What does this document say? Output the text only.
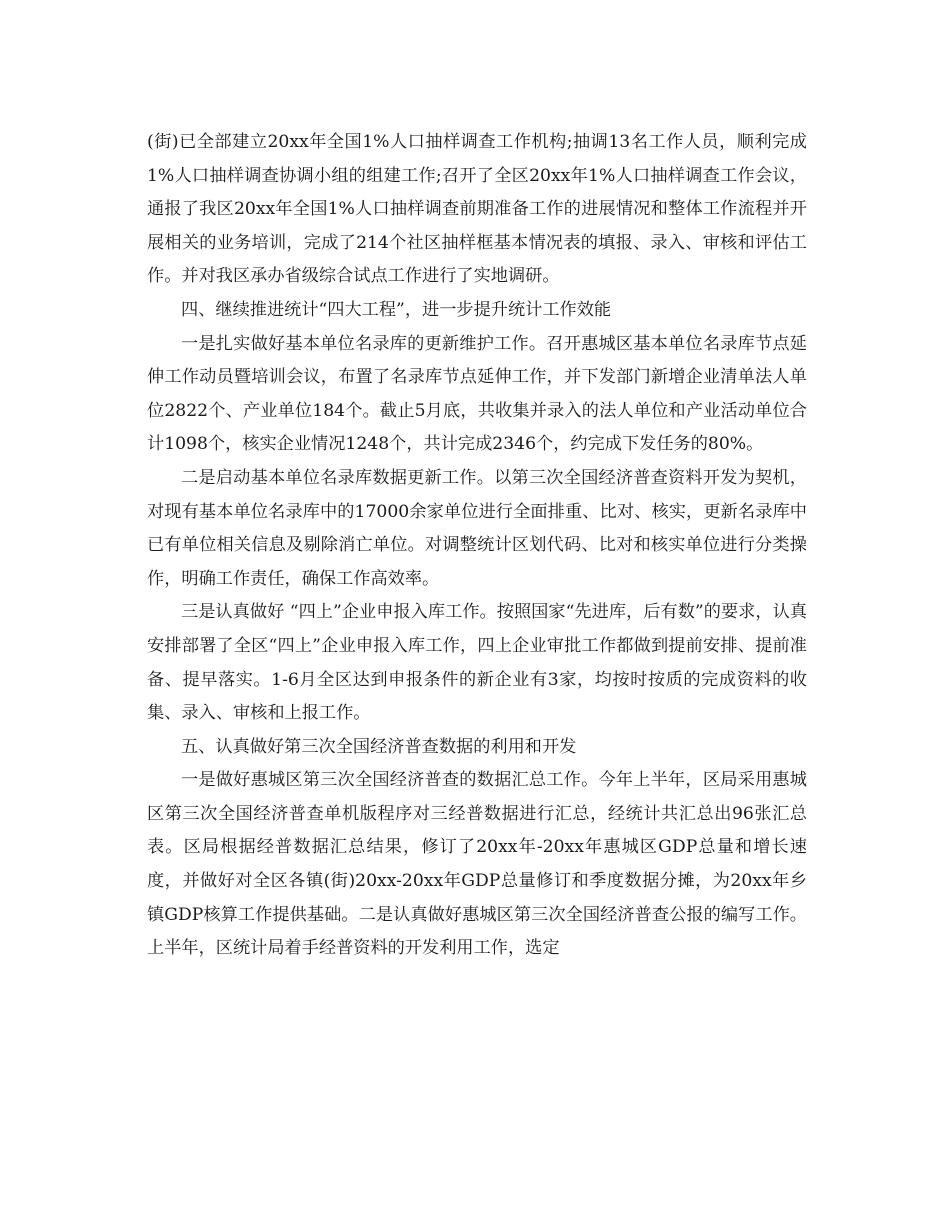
(街)已全部建立20xx年全国1%人口抽样调查工作机构;抽调13名工作人员，顺利完成1%人口抽样调查协调小组的组建工作;召开了全区20xx年1%人口抽样调查工作会议，通报了我区20xx年全国1%人口抽样调查前期准备工作的进展情况和整体工作流程并开展相关的业务培训，完成了214个社区抽样框基本情况表的填报、录入、审核和评估工作。并对我区承办省级综合试点工作进行了实地调研。

四、继续推进统计“四大工程”，进一步提升统计工作效能

一是扎实做好基本单位名录库的更新维护工作。召开惠城区基本单位名录库节点延伸工作动员暨培训会议，布置了名录库节点延伸工作，并下发部门新增企业清单法人单位2822个、产业单位184个。截止5月底，共收集并录入的法人单位和产业活动单位合计1098个，核实企业情况1248个，共计完成2346个，约完成下发任务的80%。

二是启动基本单位名录库数据更新工作。以第三次全国经济普查资料开发为契机，对现有基本单位名录库中的17000余家单位进行全面排重、比对、核实，更新名录库中已有单位相关信息及剔除消亡单位。对调整统计区划代码、比对和核实单位进行分类操作，明确工作责任，确保工作高效率。

三是认真做好 “四上”企业申报入库工作。按照国家“先进库，后有数”的要求，认真安排部署了全区“四上”企业申报入库工作，四上企业审批工作都做到提前安排、提前准备、提早落实。1-6月全区达到申报条件的新企业有3家，均按时按质的完成资料的收集、录入、审核和上报工作。

五、认真做好第三次全国经济普查数据的利用和开发

一是做好惠城区第三次全国经济普查的数据汇总工作。今年上半年，区局采用惠城区第三次全国经济普查单机版程序对三经普数据进行汇总，经统计共汇总出96张汇总表。区局根据经普数据汇总结果，修订了20xx年-20xx年惠城区GDP总量和增长速度，并做好对全区各镇(街)20xx-20xx年GDP总量修订和季度数据分摊，为20xx年乡镇GDP核算工作提供基础。二是认真做好惠城区第三次全国经济普查公报的编写工作。上半年，区统计局着手经普资料的开发利用工作，选定
